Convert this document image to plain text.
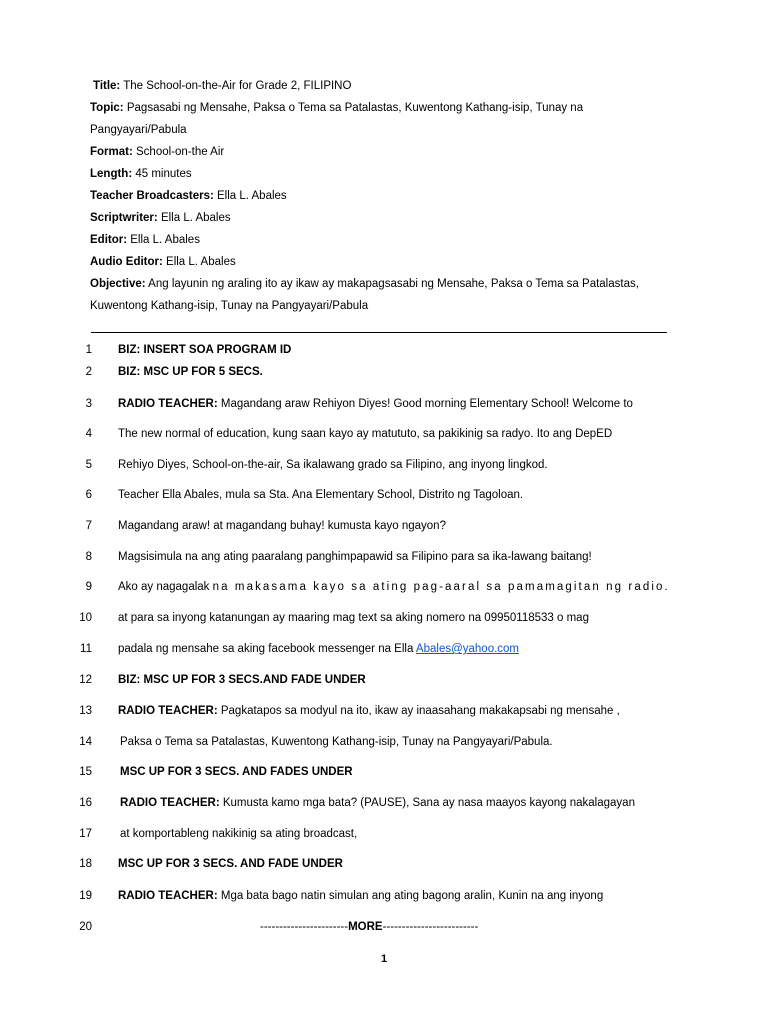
Title: The School-on-the-Air for Grade 2, FILIPINO
Topic: Pagsasabi ng Mensahe, Paksa o Tema sa Patalastas, Kuwentong Kathang-isip, Tunay na
Pangyayari/Pabula
Format: School-on-the Air
Length: 45 minutes
Teacher Broadcasters: Ella L. Abales
Scriptwriter: Ella L. Abales
Editor: Ella L. Abales
Audio Editor: Ella L. Abales
Objective: Ang layunin ng araling ito ay ikaw ay makapagsasabi ng Mensahe, Paksa o Tema sa Patalastas,
Kuwentong Kathang-isip, Tunay na Pangyayari/Pabula
1 BIZ: INSERT SOA PROGRAM ID
2 BIZ: MSC UP FOR 5 SECS.
3 RADIO TEACHER: Magandang araw Rehiyon Diyes! Good morning Elementary School! Welcome to
4 The new normal of education, kung saan kayo ay matututo, sa pakikinig sa radyo. Ito ang DepED
5 Rehiyo Diyes, School-on-the-air, Sa ikalawang grado sa Filipino, ang inyong lingkod.
6 Teacher Ella Abales, mula sa Sta. Ana Elementary School, Distrito ng Tagoloan.
7 Magandang araw! at magandang buhay! kumusta kayo ngayon?
8 Magsisimula na ang ating paaralang panghimpapawid sa Filipino para sa ika-lawang baitang!
9 Ako ay nagagalak na makasama kayo sa ating pag-aaral sa pamamagitan ng radio.
10 at para sa inyong katanungan ay maaring mag text sa aking nomero na 09950118533 o mag
11 padala ng mensahe sa aking facebook messenger na Ella Abales@yahoo.com
12 BIZ: MSC UP FOR 3 SECS.AND FADE UNDER
13 RADIO TEACHER: Pagkatapos sa modyul na ito, ikaw ay inaasahang makakapsabi ng mensahe ,
14 Paksa o Tema sa Patalastas, Kuwentong Kathang-isip, Tunay na Pangyayari/Pabula.
15 MSC UP FOR 3 SECS. AND FADES UNDER
16 RADIO TEACHER: Kumusta kamo mga bata? (PAUSE), Sana ay nasa maayos kayong nakalagayan
17 at komportableng nakikinig sa ating broadcast,
18 MSC UP FOR 3 SECS. AND FADE UNDER
19 RADIO TEACHER: Mga bata bago natin simulan ang ating bagong aralin, Kunin na ang inyong
20	-----------------------MORE-------------------------
1
